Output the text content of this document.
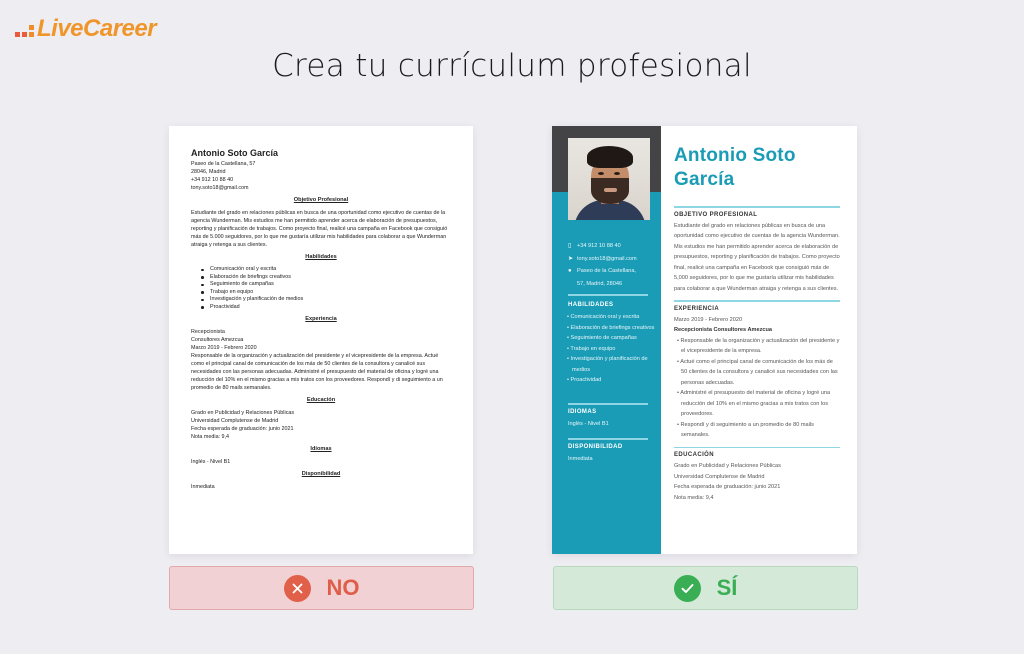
LiveCareer
Crea tu currículum profesional
Antonio Soto García
Paseo de la Castellana, 57
28046, Madrid
+34 912 10 88 40
tony.soto18@gmail.com
Objetivo Profesional
Estudiante del grado en relaciones públicas en busca de una oportunidad como ejecutivo de cuentas de la agencia Wunderman. Mis estudios me han permitido aprender acerca de elaboración de presupuestos, reporting y planificación de trabajos. Como proyecto final, realicé una campaña en Facebook que consiguió más de 5.000 seguidores, por lo que me gustaría utilizar mis habilidades para colaborar a que Wunderman atraiga y retenga a sus clientes.
Habilidades
Comunicación oral y escrita
Elaboración de briefings creativos
Seguimiento de campañas
Trabajo en equipo
Investigación y planificación de medios
Proactividad
Experiencia
Recepcionista
Consultores Amezcua
Marzo 2019 - Febrero 2020
Responsable de la organización y actualización del presidente y el vicepresidente de la empresa. Actué como el principal canal de comunicación de los más de 50 clientes de la consultora y canalicé sus necesidades con las personas adecuadas. Administré el presupuesto del material de oficina y logré una reducción del 10% en el mismo gracias a mis tratos con los proveedores. Respondí y di seguimiento a un promedio de 80 mails semanales.
Educación
Grado en Publicidad y Relaciones Públicas
Universidad Complutense de Madrid
Fecha esperada de graduación: junio 2021
Nota media: 9,4
Idiomas
Inglés - Nivel B1
Disponibilidad
Inmediata
▯	+34 912 10 88 40
➤ tony.soto18@gmail.com
● Paseo de la Castellana,
57, Madrid, 28046
HABILIDADES
• Comunicación oral y escrita
• Elaboración de briefings creativos
• Seguimiento de campañas
• Trabajo en equipo
• Investigación y planificación de medios
• Proactividad
IDIOMAS
Inglés - Nivel B1
DISPONIBILIDAD
Inmediata
Antonio Soto
García
OBJETIVO PROFESIONAL
Estudiante del grado en relaciones públicas en busca de una oportunidad como ejecutivo de cuentas de la agencia Wunderman. Mis estudios me han permitido aprender acerca de elaboración de presupuestos, reporting y planificación de trabajos. Como proyecto final, realicé una campaña en Facebook que consiguió más de 5,000 seguidores, por lo que me gustaría utilizar mis habilidades para colaborar a que Wunderman atraiga y retenga a sus clientes.
EXPERIENCIA
Marzo 2019 - Febrero 2020
Recepcionista Consultores Amezcua
• Responsable de la organización y actualización del presidente y el vicepresidente de la empresa.
• Actué como el principal canal de comunicación de los más de 50 clientes de la consultora y canalicé sus necesidades con las personas adecuadas.
• Administré el presupuesto del material de oficina y logré una reducción del 10% en el mismo gracias a mis tratos con los proveedores.
• Respondí y di seguimiento a un promedio de 80 mails semanales.
EDUCACIÓN
Grado en Publicidad y Relaciones Públicas
Universidad Complutense de Madrid
Fecha esperada de graduación: junio 2021
Nota media: 9,4
NO	SÍ
